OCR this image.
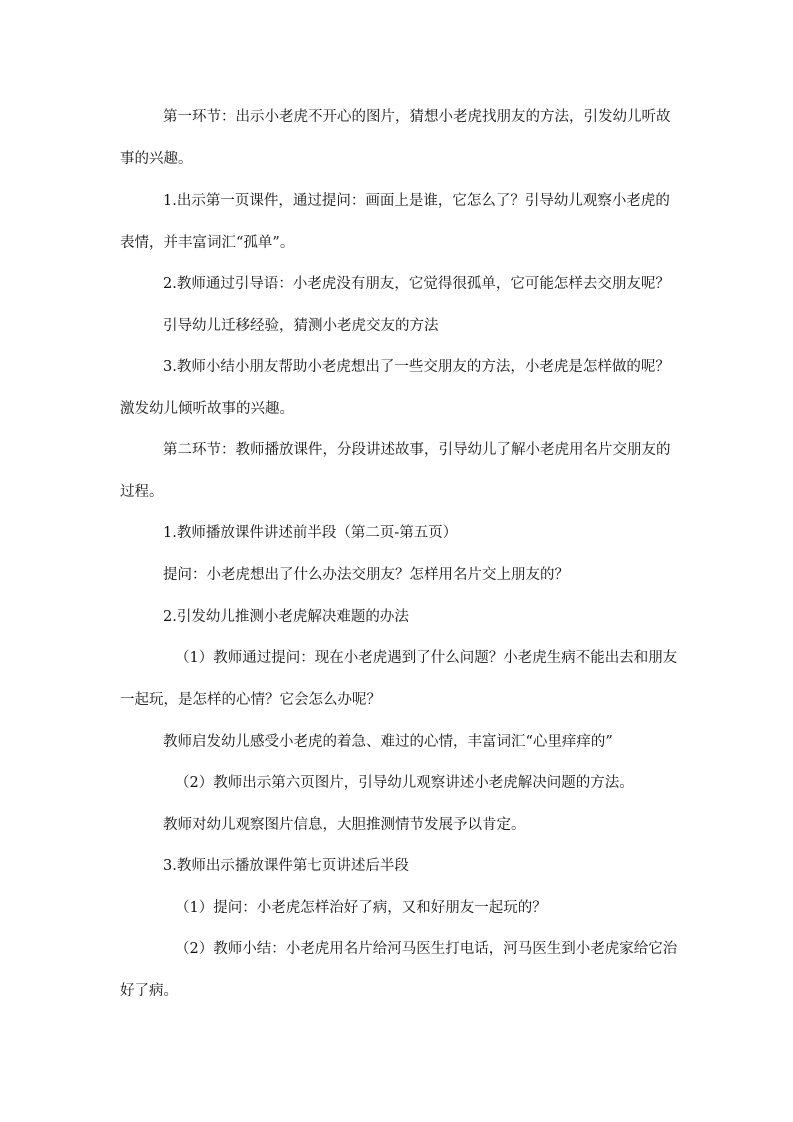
第一环节：出示小老虎不开心的图片，猜想小老虎找朋友的方法，引发幼儿听故
事的兴趣。
1.出示第一页课件，通过提问：画面上是谁，它怎么了？引导幼儿观察小老虎的
表情，并丰富词汇“孤单”。
2.教师通过引导语：小老虎没有朋友，它觉得很孤单，它可能怎样去交朋友呢？
引导幼儿迁移经验，猜测小老虎交友的方法
3.教师小结小朋友帮助小老虎想出了一些交朋友的方法，小老虎是怎样做的呢？
激发幼儿倾听故事的兴趣。
第二环节：教师播放课件，分段讲述故事，引导幼儿了解小老虎用名片交朋友的
过程。
1.教师播放课件讲述前半段（第二页-第五页）
提问：小老虎想出了什么办法交朋友？怎样用名片交上朋友的？
2.引发幼儿推测小老虎解决难题的办法
（1）教师通过提问：现在小老虎遇到了什么问题？小老虎生病不能出去和朋友
一起玩，是怎样的心情？它会怎么办呢？
教师启发幼儿感受小老虎的着急、难过的心情，丰富词汇“心里痒痒的”
（2）教师出示第六页图片，引导幼儿观察讲述小老虎解决问题的方法。
教师对幼儿观察图片信息，大胆推测情节发展予以肯定。
3.教师出示播放课件第七页讲述后半段
（1）提问：小老虎怎样治好了病，又和好朋友一起玩的？
（2）教师小结：小老虎用名片给河马医生打电话，河马医生到小老虎家给它治
好了病。
